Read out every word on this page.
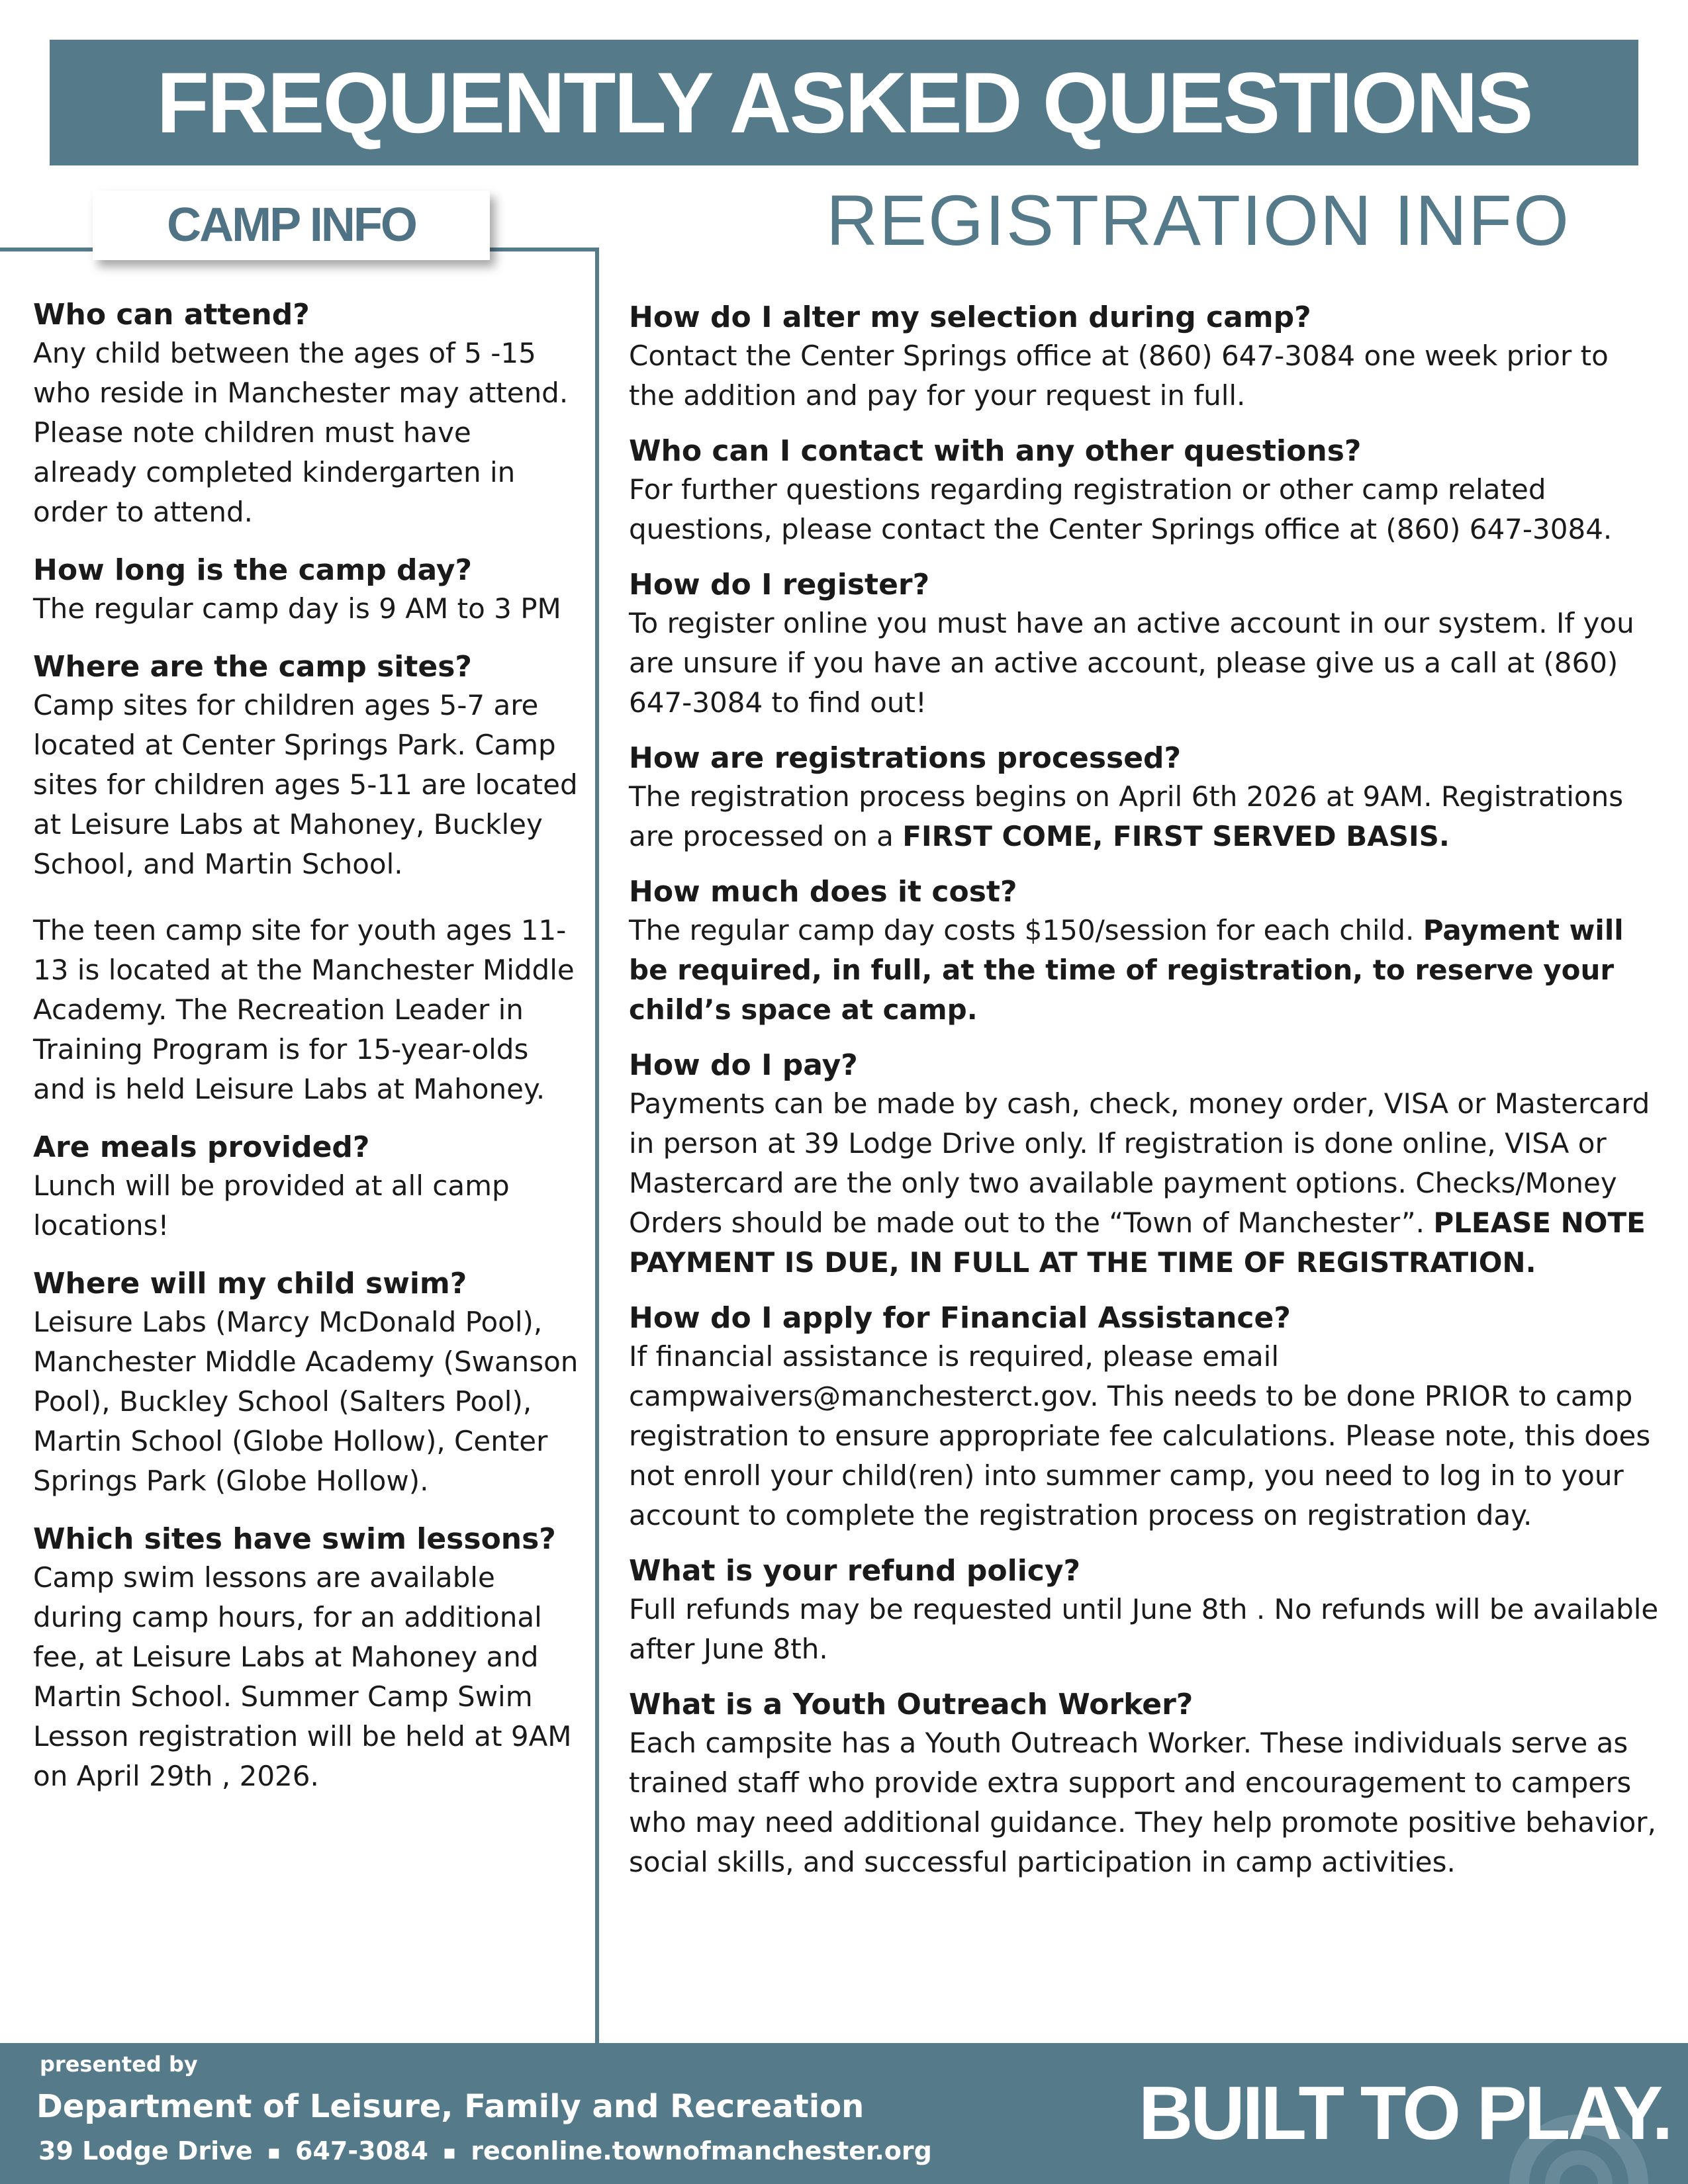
FREQUENTLY ASKED QUESTIONS
CAMP INFO	REGISTRATION INFO

Who can attend?

Any child between the ages of 5 -15 who reside in Manchester may attend. Please note children must have already completed kindergarten in order to attend.

How long is the camp day?

The regular camp day is 9 AM to 3 PM

Where are the camp sites?

Camp sites for children ages 5-7 are located at Center Springs Park. Camp sites for children ages 5-11 are located at Leisure Labs at Mahoney, Buckley School, and Martin School.

The teen camp site for youth ages 11-13 is located at the Manchester Middle Academy. The Recreation Leader in Training Program is for 15-year-olds and is held Leisure Labs at Mahoney.

Are meals provided?

Lunch will be provided at all camp locations!

Where will my child swim?

Leisure Labs (Marcy McDonald Pool), Manchester Middle Academy (Swanson Pool), Buckley School (Salters Pool), Martin School (Globe Hollow), Center Springs Park (Globe Hollow).

Which sites have swim lessons?

Camp swim lessons are available during camp hours, for an additional fee, at Leisure Labs at Mahoney and Martin School. Summer Camp Swim Lesson registration will be held at 9AM on April 29th , 2026.

How do I alter my selection during camp?

Contact the Center Springs office at (860) 647-3084 one week prior to the addition and pay for your request in full.

Who can I contact with any other questions?

For further questions regarding registration or other camp related questions, please contact the Center Springs office at (860) 647-3084.

How do I register?

To register online you must have an active account in our system. If you are unsure if you have an active account, please give us a call at (860) 647-3084 to find out!

How are registrations processed?

The registration process begins on April 6th 2026 at 9AM. Registrations are processed on a FIRST COME, FIRST SERVED BASIS.

How much does it cost?

The regular camp day costs $150/session for each child. Payment will be required, in full, at the time of registration, to reserve your child’s space at camp.

How do I pay?

Payments can be made by cash, check, money order, VISA or Mastercard in person at 39 Lodge Drive only. If registration is done online, VISA or Mastercard are the only two available payment options. Checks/Money Orders should be made out to the “Town of Manchester”. PLEASE NOTE PAYMENT IS DUE, IN FULL AT THE TIME OF REGISTRATION.

How do I apply for Financial Assistance?

If financial assistance is required, please email campwaivers@manchesterct.gov. This needs to be done PRIOR to camp registration to ensure appropriate fee calculations. Please note, this does not enroll your child(ren) into summer camp, you need to log in to your account to complete the registration process on registration day.

What is your refund policy?

Full refunds may be requested until June 8th . No refunds will be available after June 8th.

What is a Youth Outreach Worker?

Each campsite has a Youth Outreach Worker. These individuals serve as trained staff who provide extra support and encouragement to campers who may need additional guidance. They help promote positive behavior, social skills, and successful participation in camp activities.

presented by

Department of Leisure, Family and Recreation

39 Lodge Drive ▪ 647-3084 ▪ reconline.townofmanchester.org	BUILT TO PLAY.
